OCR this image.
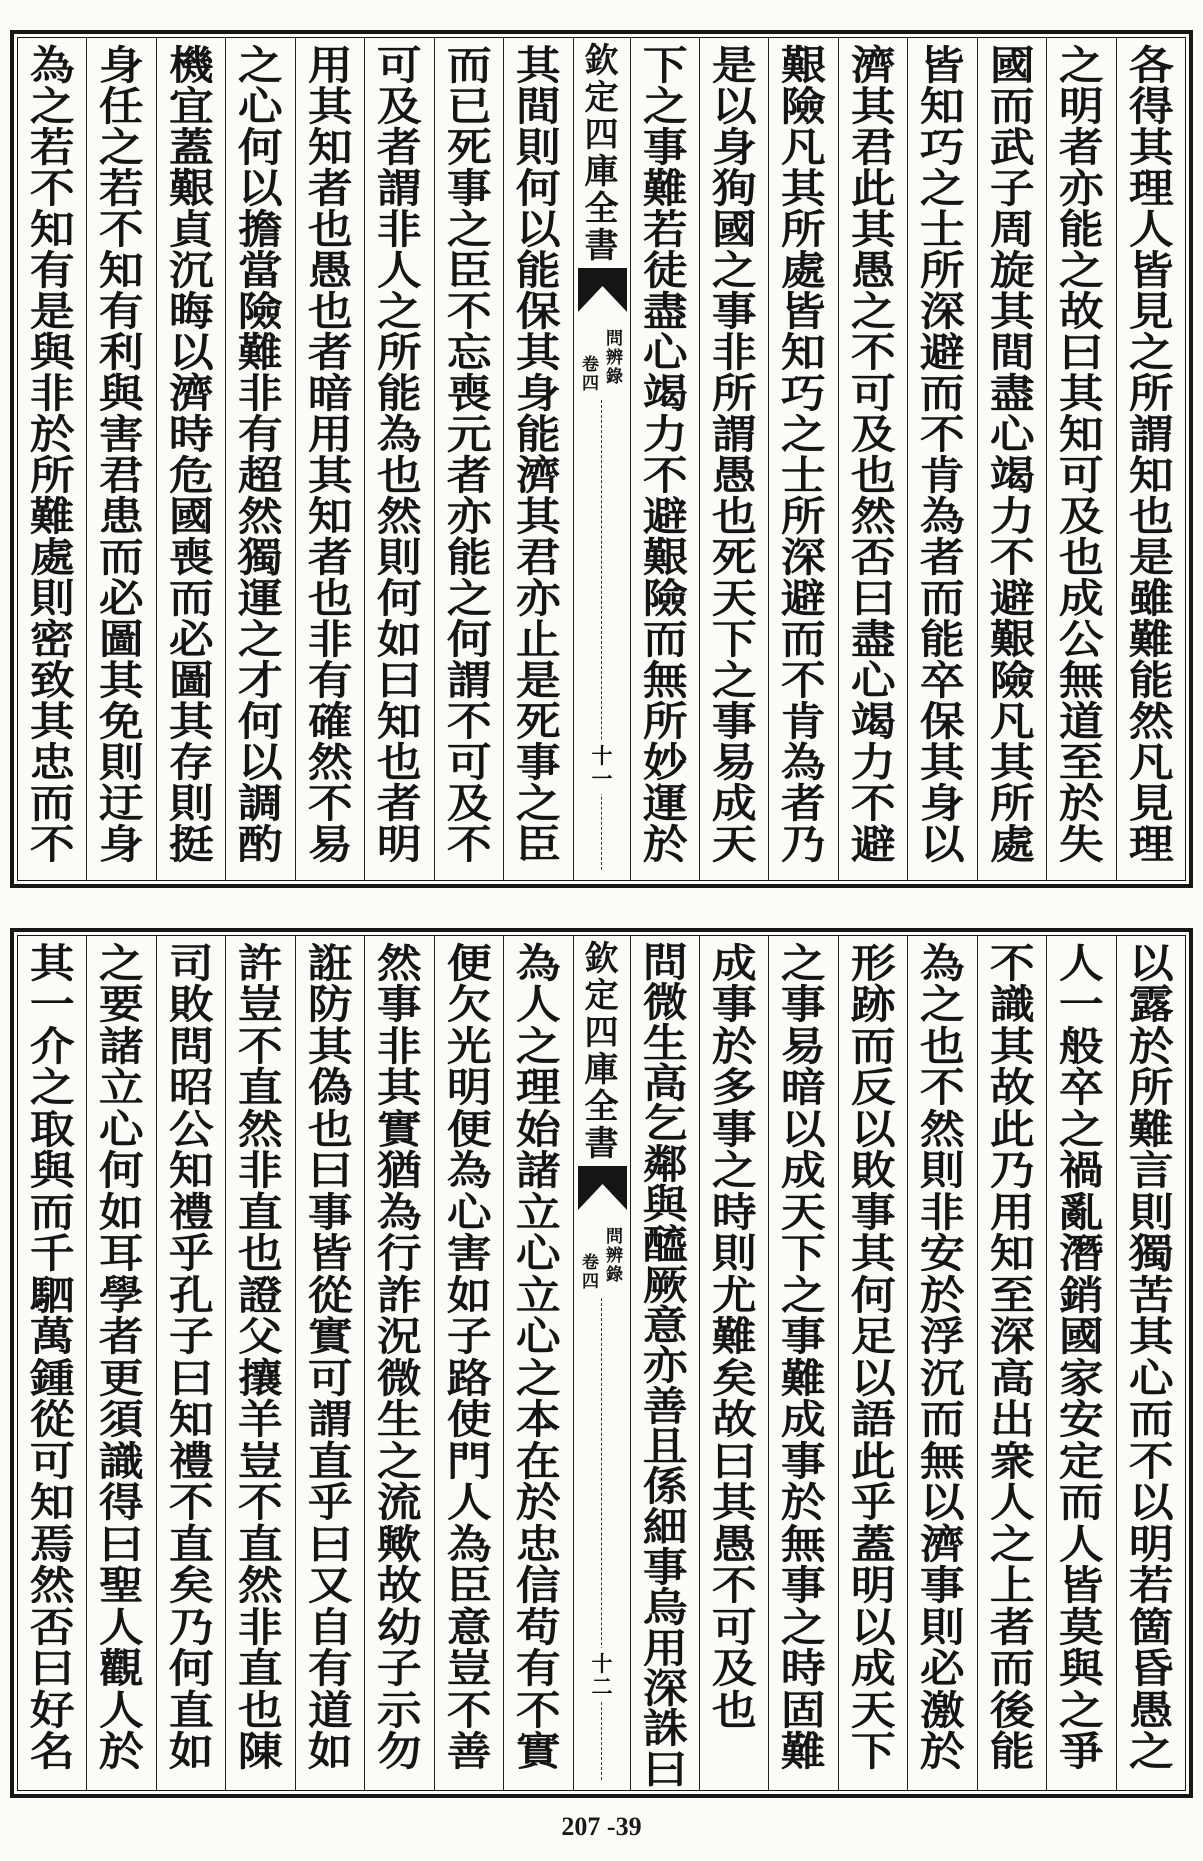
各
得
其
理
人
皆
見
之
所
謂
知
也
是
雖
難
能
然
凡
見
理
之
明
者
亦
能
之
故
曰
其
知
可
及
也
成
公
無
道
至
於
失
國
而
武
子
周
旋
其
間
盡
心
竭
力
不
避
艱
險
凡
其
所
處
皆
知
巧
之
士
所
深
避
而
不
肯
為
者
而
能
卒
保
其
身
以
濟
其
君
此
其
愚
之
不
可
及
也
然
否
曰
盡
心
竭
力
不
避
艱
險
凡
其
所
處
皆
知
巧
之
士
所
深
避
而
不
肯
為
者
乃
是
以
身
狥
國
之
事
非
所
謂
愚
也
死
天
下
之
事
易
成
天
下
之
事
難
若
徒
盡
心
竭
力
不
避
艱
險
而
無
所
妙
運
於
欽
定
四
庫
全
書
問
辨
錄
卷
四
十
一
其
間
則
何
以
能
保
其
身
能
濟
其
君
亦
止
是
死
事
之
臣
而
已
死
事
之
臣
不
忘
喪
元
者
亦
能
之
何
謂
不
可
及
不
可
及
者
謂
非
人
之
所
能
為
也
然
則
何
如
曰
知
也
者
明
用
其
知
者
也
愚
也
者
暗
用
其
知
者
也
非
有
確
然
不
易
之
心
何
以
擔
當
險
難
非
有
超
然
獨
運
之
才
何
以
調
酌
機
宜
蓋
艱
貞
沉
晦
以
濟
時
危
國
喪
而
必
圖
其
存
則
挺
身
任
之
若
不
知
有
利
與
害
君
患
而
必
圖
其
免
則
迂
身
為
之
若
不
知
有
是
與
非
於
所
難
處
則
密
致
其
忠
而
不
以
露
於
所
難
言
則
獨
苦
其
心
而
不
以
明
若
箇
昏
愚
之
人
一
般
卒
之
禍
亂
潛
銷
國
家
安
定
而
人
皆
莫
與
之
爭
不
識
其
故
此
乃
用
知
至
深
高
出
衆
人
之
上
者
而
後
能
為
之
也
不
然
則
非
安
於
浮
沉
而
無
以
濟
事
則
必
激
於
形
跡
而
反
以
敗
事
其
何
足
以
語
此
乎
蓋
明
以
成
天
下
之
事
易
暗
以
成
天
下
之
事
難
成
事
於
無
事
之
時
固
難
成
事
於
多
事
之
時
則
尤
難
矣
故
曰
其
愚
不
可
及
也
問
微
生
高
乞
鄰
與
醯
厥
意
亦
善
且
係
細
事
烏
用
深
誅
曰
欽
定
四
庫
全
書
問
辨
錄
卷
四
十
二
為
人
之
理
始
諸
立
心
立
心
之
本
在
於
忠
信
苟
有
不
實
便
欠
光
明
便
為
心
害
如
子
路
使
門
人
為
臣
意
豈
不
善
然
事
非
其
實
猶
為
行
詐
況
微
生
之
流
歟
故
幼
子
示
勿
誑
防
其
偽
也
曰
事
皆
從
實
可
謂
直
乎
曰
又
自
有
道
如
許
豈
不
直
然
非
直
也
證
父
攘
羊
豈
不
直
然
非
直
也
陳
司
敗
問
昭
公
知
禮
乎
孔
子
曰
知
禮
不
直
矣
乃
何
直
如
之
要
諸
立
心
何
如
耳
學
者
更
須
識
得
曰
聖
人
觀
人
於
其
一
介
之
取
與
而
千
駟
萬
鍾
從
可
知
焉
然
否
曰
好
名
207 -39
